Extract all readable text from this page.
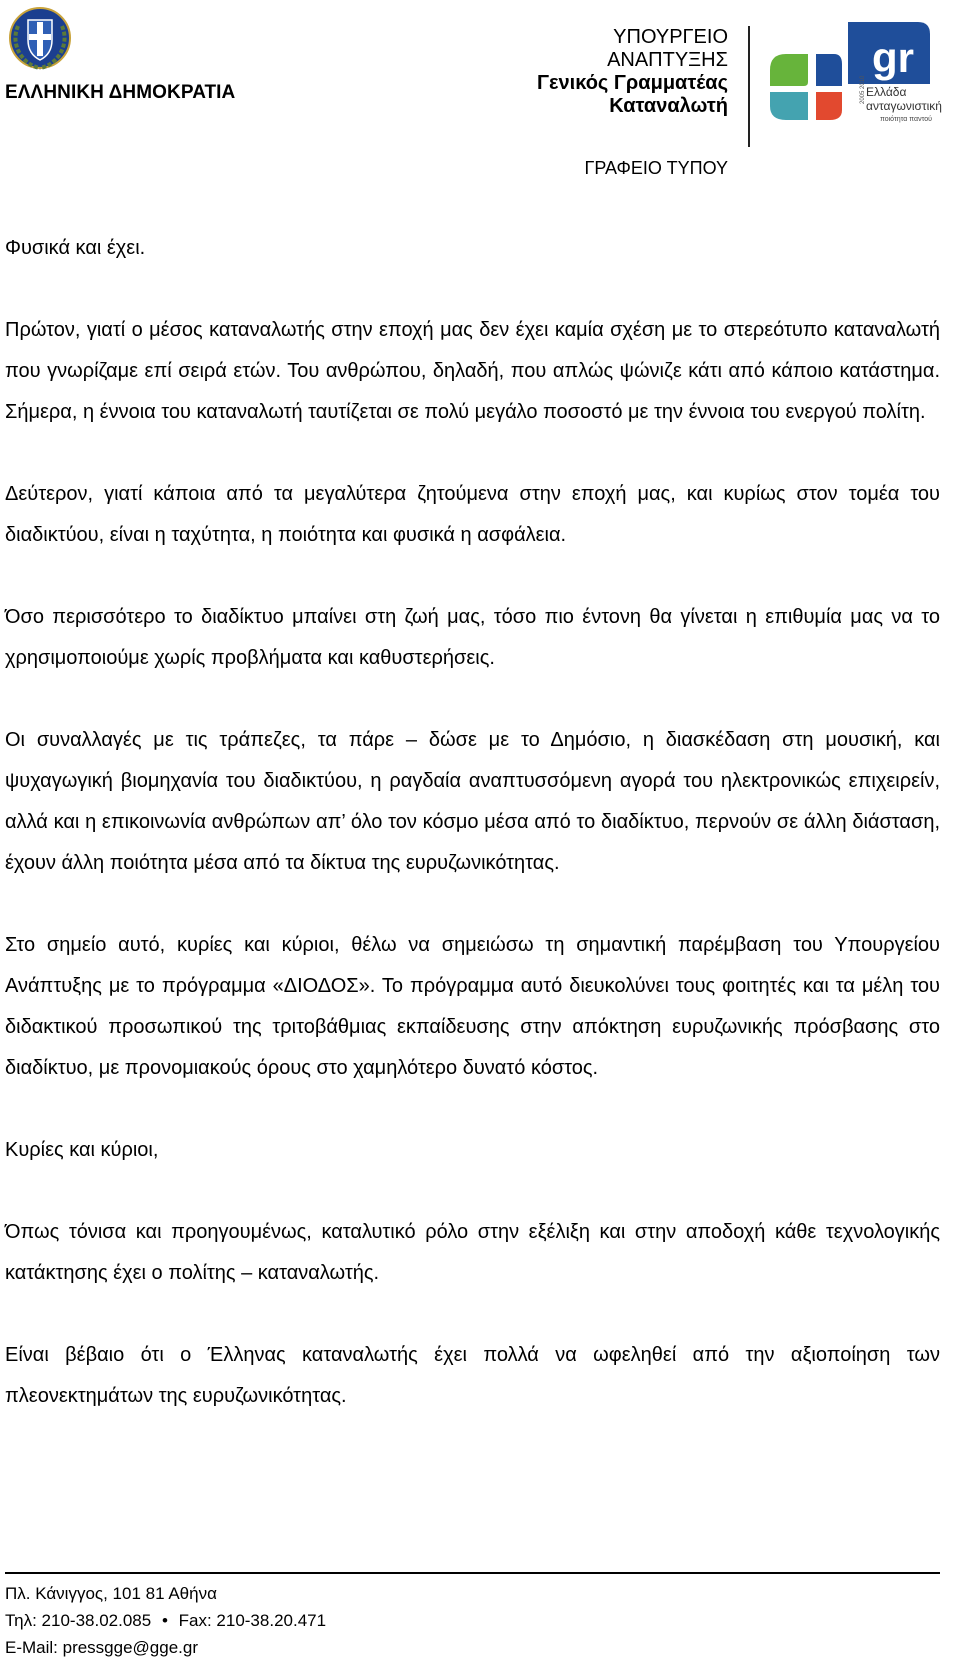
ΕΛΛΗΝΙΚΗ ΔΗΜΟΚΡΑΤΙΑ
ΥΠΟΥΡΓΕΙΟ
ΑΝΑΠΤΥΞΗΣ
Γενικός Γραμματέας
Καταναλωτή
gr
2005 2010 Ελλάδα
ανταγωνιστική
ποιότητα παντού
ΓΡΑΦΕΙΟ ΤΥΠΟΥ

Φυσικά και έχει.

Πρώτον, γιατί ο μέσος καταναλωτής στην εποχή μας δεν έχει καμία σχέση με το στερεότυπο καταναλωτή που γνωρίζαμε επί σειρά ετών. Του ανθρώπου, δηλαδή, που απλώς ψώνιζε κάτι από κάποιο κατάστημα. Σήμερα, η έννοια του καταναλωτή ταυτίζεται σε πολύ μεγάλο ποσοστό με την έννοια του ενεργού πολίτη.

Δεύτερον, γιατί κάποια από τα μεγαλύτερα ζητούμενα στην εποχή μας, και κυρίως στον τομέα του διαδικτύου, είναι η ταχύτητα, η ποιότητα και φυσικά η ασφάλεια.

Όσο περισσότερο το διαδίκτυο μπαίνει στη ζωή μας, τόσο πιο έντονη θα γίνεται η επιθυμία μας να το χρησιμοποιούμε χωρίς προβλήματα και καθυστερήσεις.

Οι συναλλαγές με τις τράπεζες, τα πάρε – δώσε με το Δημόσιο, η διασκέδαση στη μουσική, και ψυχαγωγική βιομηχανία του διαδικτύου, η ραγδαία αναπτυσσόμενη αγορά του ηλεκτρονικώς επιχειρείν, αλλά και η επικοινωνία ανθρώπων απ’ όλο τον κόσμο μέσα από το διαδίκτυο, περνούν σε άλλη διάσταση, έχουν άλλη ποιότητα μέσα από τα δίκτυα της ευρυζωνικότητας.

Στο σημείο αυτό, κυρίες και κύριοι, θέλω να σημειώσω τη σημαντική παρέμβαση του Υπουργείου Ανάπτυξης με το πρόγραμμα «ΔΙΟΔΟΣ». Το πρόγραμμα αυτό διευκολύνει τους φοιτητές και τα μέλη του διδακτικού προσωπικού της τριτοβάθμιας εκπαίδευσης στην απόκτηση ευρυζωνικής πρόσβασης στο διαδίκτυο, με προνομιακούς όρους στο χαμηλότερο δυνατό κόστος.

Κυρίες και κύριοι,

Όπως τόνισα και προηγουμένως, καταλυτικό ρόλο στην εξέλιξη και στην αποδοχή κάθε τεχνολογικής κατάκτησης έχει ο πολίτης – καταναλωτής.

Είναι βέβαιο ότι ο Έλληνας καταναλωτής έχει πολλά να ωφεληθεί από την αξιοποίηση των πλεονεκτημάτων της ευρυζωνικότητας.

Πλ. Κάνιγγος, 101 81 Αθήνα
Τηλ: 210-38.02.085 • Fax: 210-38.20.471
E-Mail: pressgge@gge.gr
